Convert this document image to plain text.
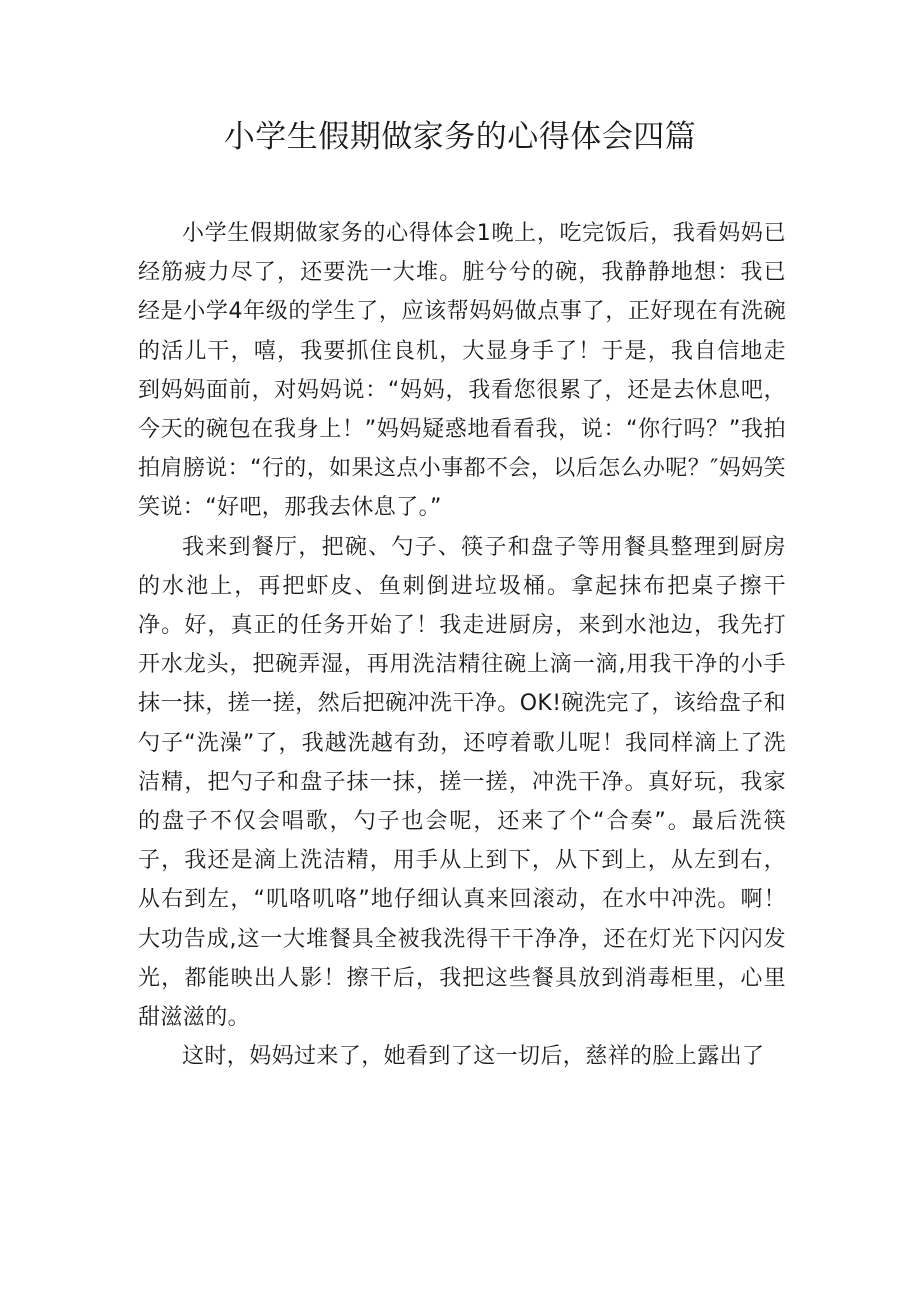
小学生假期做家务的心得体会四篇

小学生假期做家务的心得体会1晚上，吃完饭后，我看妈妈已经筋疲力尽了，还要洗一大堆。脏兮兮的碗，我静静地想：我已经是小学4年级的学生了，应该帮妈妈做点事了，正好现在有洗碗的活儿干，嘻，我要抓住良机，大显身手了！于是，我自信地走到妈妈面前，对妈妈说：“妈妈，我看您很累了，还是去休息吧，今天的碗包在我身上！”妈妈疑惑地看看我，说：“你行吗？”我拍拍肩膀说：“行的，如果这点小事都不会，以后怎么办呢？″妈妈笑笑说：“好吧，那我去休息了。”

我来到餐厅，把碗、勺子、筷子和盘子等用餐具整理到厨房的水池上，再把虾皮、鱼刺倒进垃圾桶。拿起抹布把桌子擦干净。好，真正的任务开始了！我走进厨房，来到水池边，我先打开水龙头，把碗弄湿，再用洗洁精往碗上滴一滴,用我干净的小手抹一抹，搓一搓，然后把碗冲洗干净。OK!碗洗完了，该给盘子和勺子“洗澡”了，我越洗越有劲，还哼着歌儿呢！我同样滴上了洗洁精，把勺子和盘子抹一抹，搓一搓，冲洗干净。真好玩，我家的盘子不仅会唱歌，勺子也会呢，还来了个“合奏”。最后洗筷子，我还是滴上洗洁精，用手从上到下，从下到上，从左到右，从右到左，“叽咯叽咯”地仔细认真来回滚动，在水中冲洗。啊！大功告成,这一大堆餐具全被我洗得干干净净，还在灯光下闪闪发光，都能映出人影！擦干后，我把这些餐具放到消毒柜里，心里甜滋滋的。

这时，妈妈过来了，她看到了这一切后，慈祥的脸上露出了
